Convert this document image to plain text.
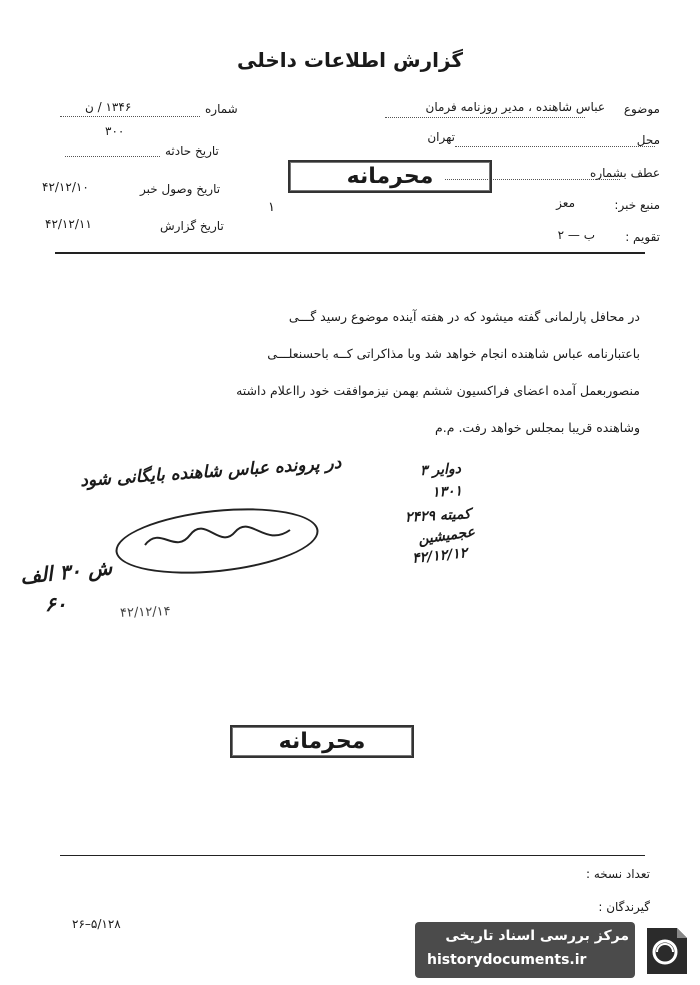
گزارش اطلاعات داخلی
موضوع
عباس شاهنده ، مدیر روزنامه فرمان
محل
تهران
عطف بشماره
منبع خبر:
معز
تقویم :
ب — ۲
شماره
۱۳۴۶ / ن
۳۰۰
تاریخ حادثه
تاریخ وصول خبر
۴۲/۱۲/۱۰
تاریخ گزارش
۴۲/۱۲/۱۱
محرمانه
۱
در محافل پارلمانی گفته میشود که در هفته آینده موضوع رسید گـــی
باعتبارنامه عباس شاهنده انجام خواهد شد وبا مذاکراتی کــه باحسنعلـــی
منصوربعمل آمده اعضای فراکسیون ششم بهمن نیزموافقت خود رااعلام داشته
وشاهنده قریبا بمجلس خواهد رفت. م.م
در پرونده عباس شاهنده بایگانی شود
ش ۳۰ الف
۶۰	۴۲/۱۲/۱۴
دوایر ۳
۱۳۰۱
کمیته ۲۴۲۹
عجمیشین
۴۲/۱۲/۱۲
محرمانه
تعداد نسخه :
گیرندگان :
۲۶–۵/۱۲۸
مرکز بررسی اسناد تاریخی
historydocuments.ir
